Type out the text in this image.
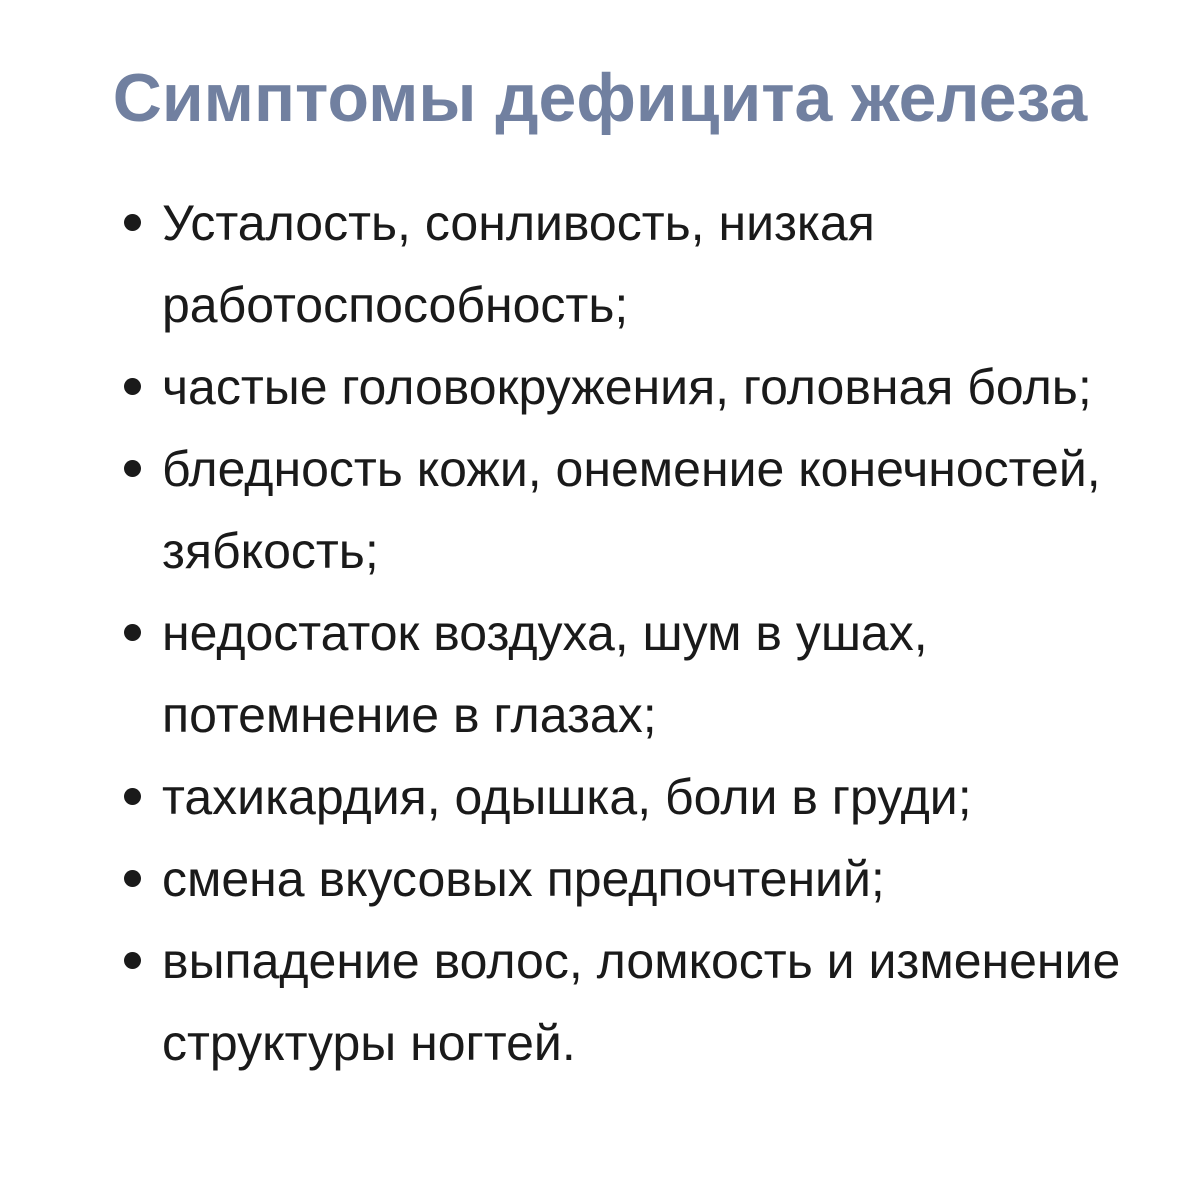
Симптомы дефицита железа
Усталость, сонливость, низкая работоспособность;
частые головокружения, головная боль;
бледность кожи, онемение конечностей, зябкость;
недостаток воздуха, шум в ушах, потемнение в глазах;
тахикардия, одышка, боли в груди;
смена вкусовых предпочтений;
выпадение волос, ломкость и изменение структуры ногтей.
